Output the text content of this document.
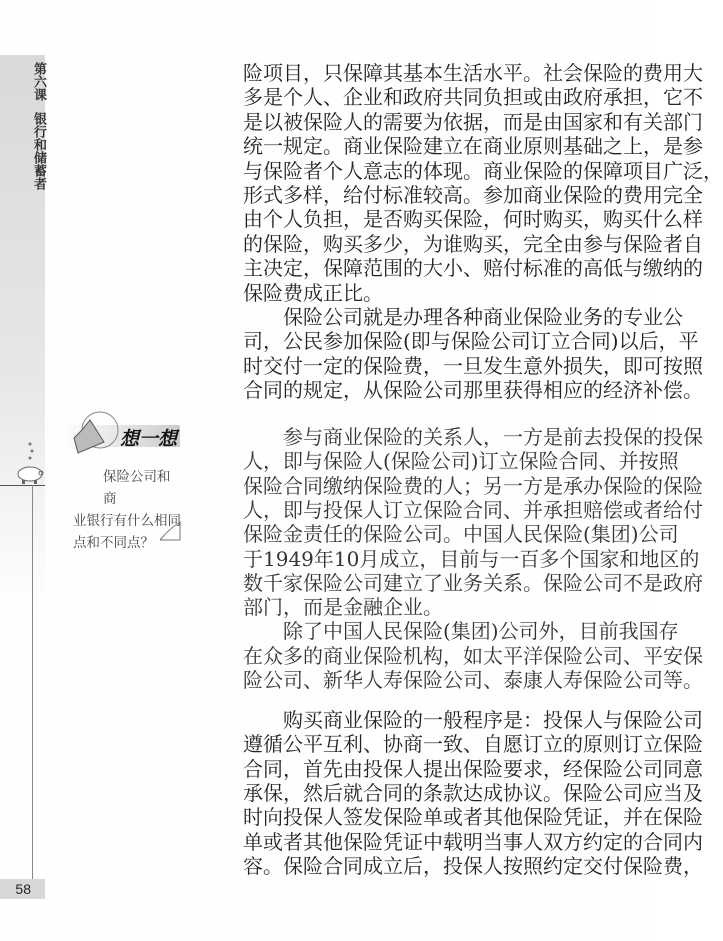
第六课
银行和储蓄者
想一想
保险公司和商
业银行有什么相同
点和不同点？
险项目，只保障其基本生活水平。社会保险的费用大
多是个人、企业和政府共同负担或由政府承担，它不
是以被保险人的需要为依据，而是由国家和有关部门
统一规定。商业保险建立在商业原则基础之上，是参
与保险者个人意志的体现。商业保险的保障项目广泛，
形式多样，给付标准较高。参加商业保险的费用完全
由个人负担，是否购买保险，何时购买，购买什么样
的保险，购买多少，为谁购买，完全由参与保险者自
主决定，保障范围的大小、赔付标准的高低与缴纳的
保险费成正比。
　　保险公司就是办理各种商业保险业务的专业公
司，公民参加保险(即与保险公司订立合同)以后，平
时交付一定的保险费，一旦发生意外损失，即可按照
合同的规定，从保险公司那里获得相应的经济补偿。
　　参与商业保险的关系人，一方是前去投保的投保
人，即与保险人(保险公司)订立保险合同、并按照
保险合同缴纳保险费的人；另一方是承办保险的保险
人，即与投保人订立保险合同、并承担赔偿或者给付
保险金责任的保险公司。中国人民保险(集团)公司
于1949年10月成立，目前与一百多个国家和地区的
数千家保险公司建立了业务关系。保险公司不是政府
部门，而是金融企业。
　　除了中国人民保险(集团)公司外，目前我国存
在众多的商业保险机构，如太平洋保险公司、平安保
险公司、新华人寿保险公司、泰康人寿保险公司等。
　　购买商业保险的一般程序是：投保人与保险公司
遵循公平互利、协商一致、自愿订立的原则订立保险
合同，首先由投保人提出保险要求，经保险公司同意
承保，然后就合同的条款达成协议。保险公司应当及
时向投保人签发保险单或者其他保险凭证，并在保险
单或者其他保险凭证中载明当事人双方约定的合同内
容。保险合同成立后，投保人按照约定交付保险费，
58
